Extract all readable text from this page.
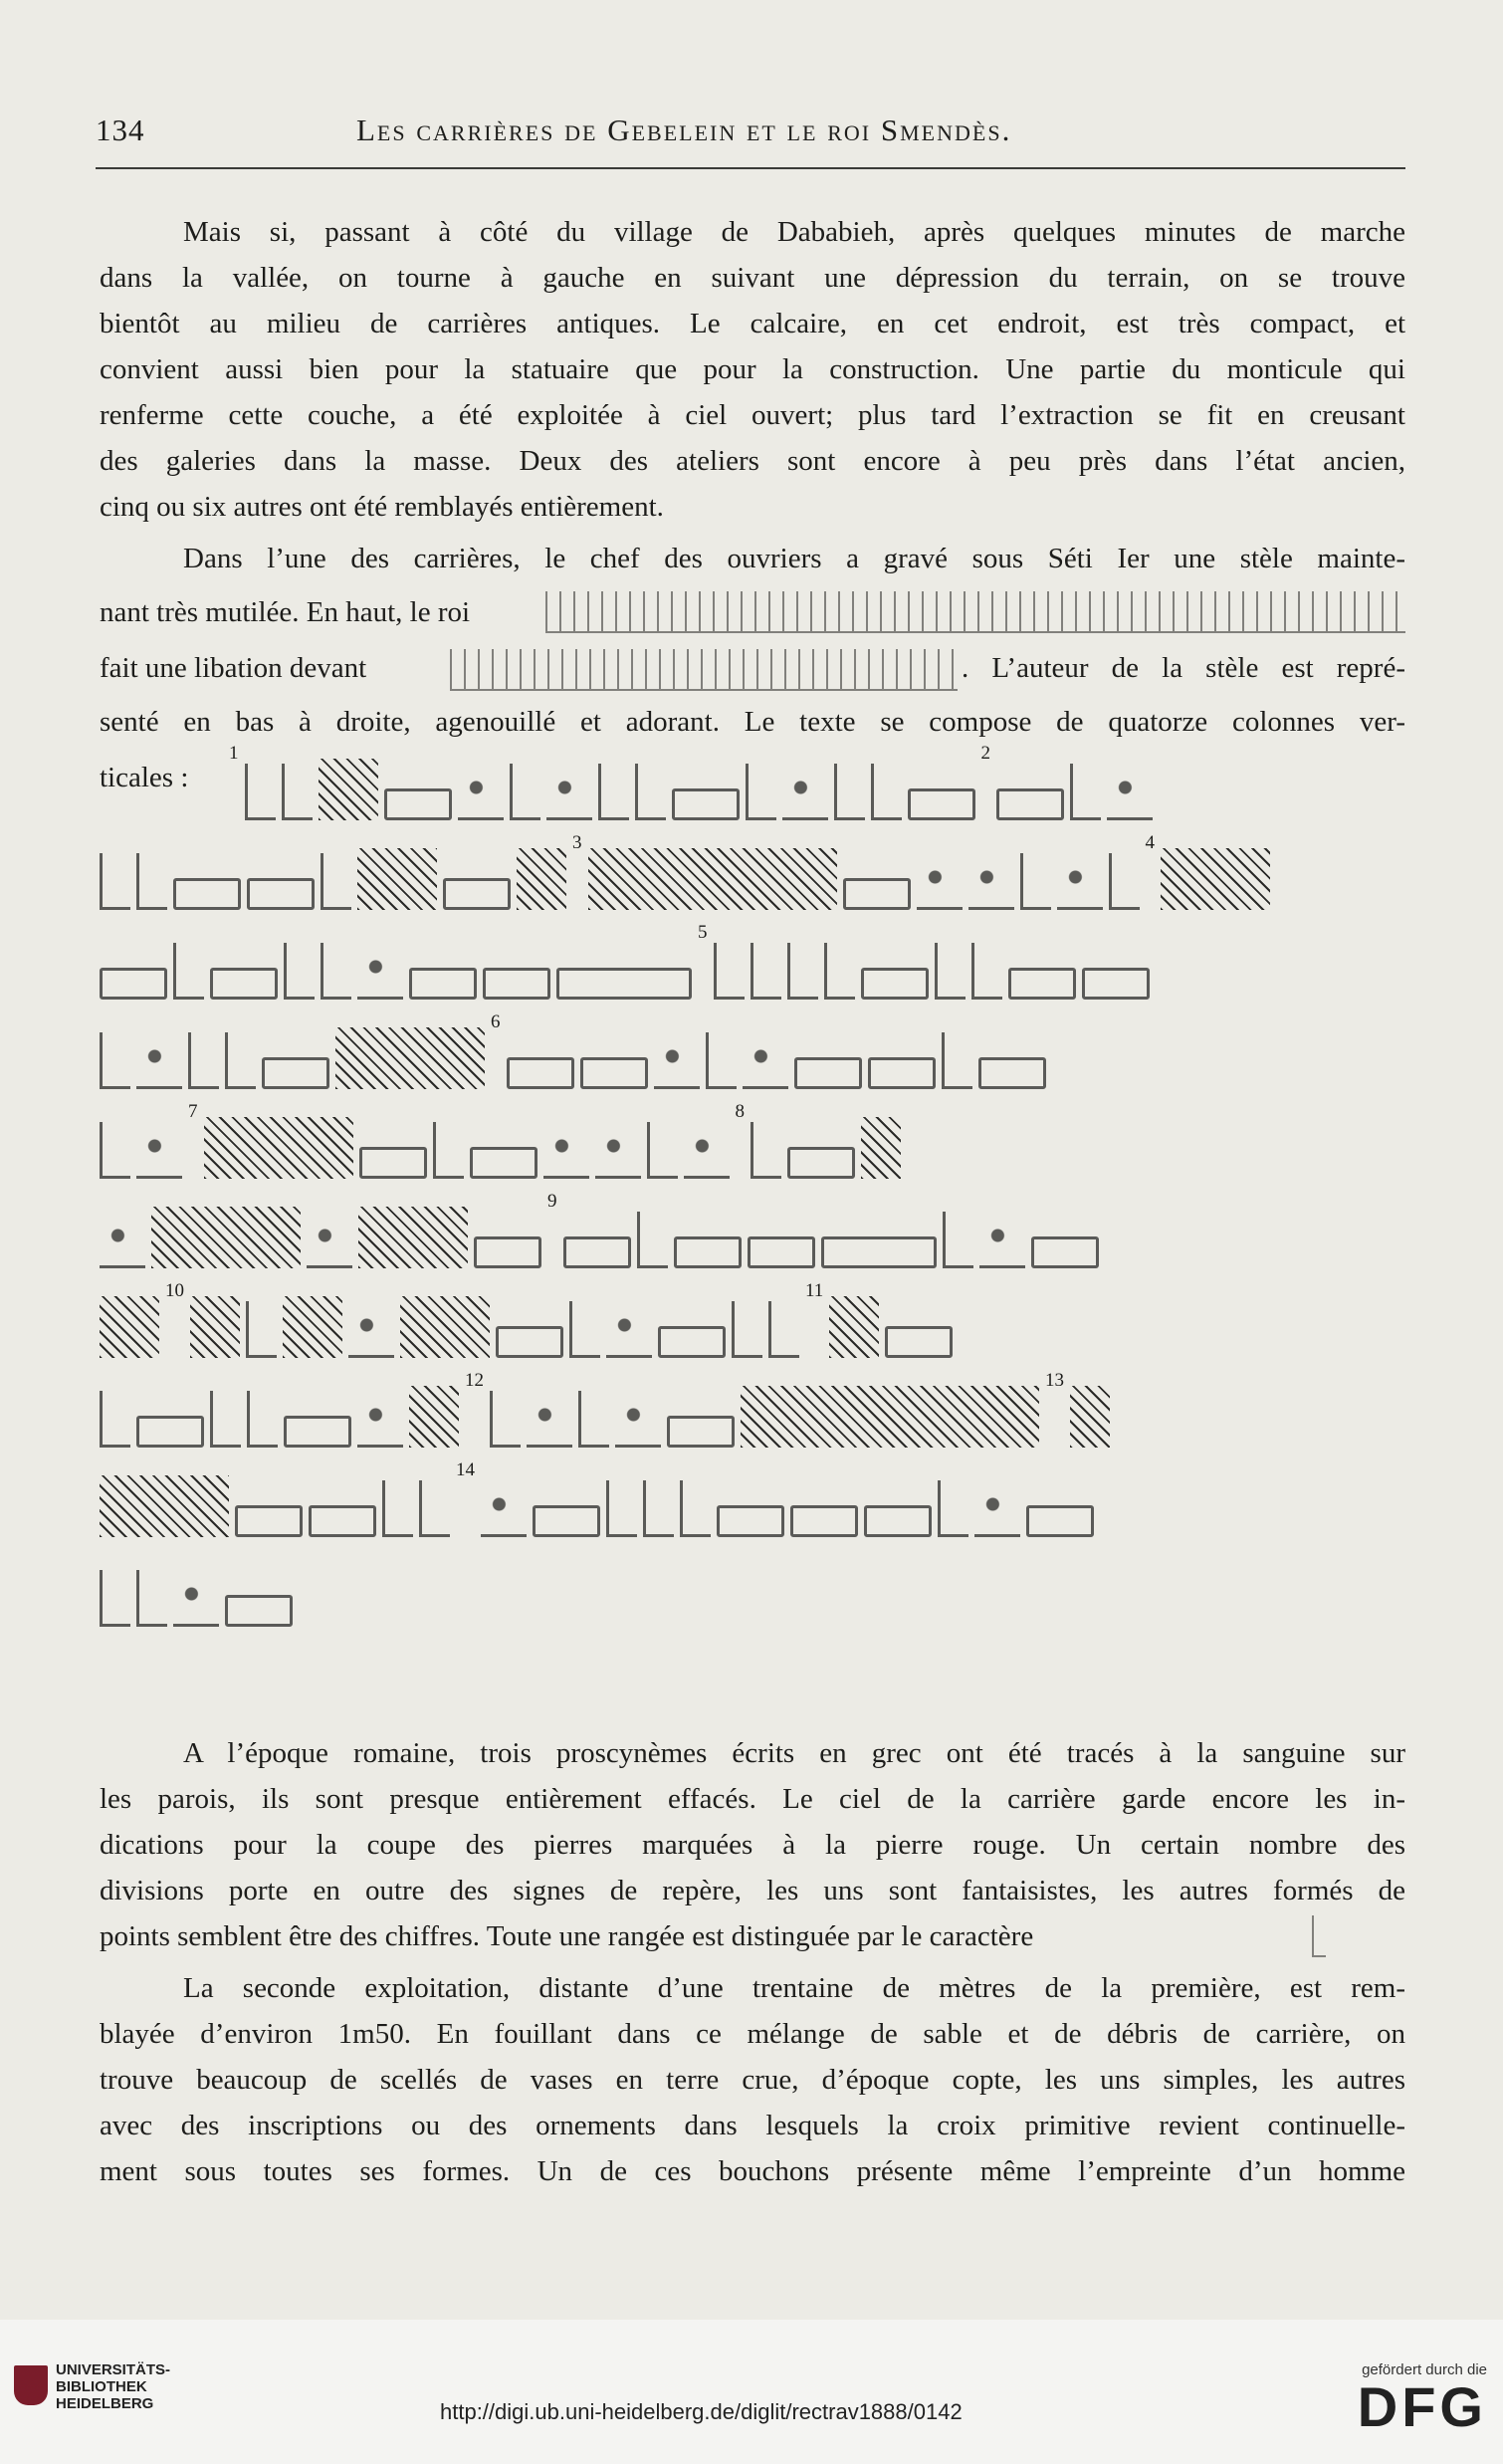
134	Les carrières de Gebelein et le roi Smendès.
Mais si, passant à côté du village de Dababieh, après quelques minutes de marche
dans la vallée, on tourne à gauche en suivant une dépression du terrain, on se trouve
bientôt au milieu de carrières antiques. Le calcaire, en cet endroit, est très compact, et
convient aussi bien pour la statuaire que pour la construction. Une partie du monticule qui
renferme cette couche, a été exploitée à ciel ouvert; plus tard l’extraction se fit en creusant
des galeries dans la masse. Deux des ateliers sont encore à peu près dans l’état ancien,
cinq ou six autres ont été remblayés entièrement.
Dans l’une des carrières, le chef des ouvriers a gravé sous Séti Ier une stèle mainte-
nant très mutilée. En haut, le roi
fait une libation devant	. L’auteur de la stèle est repré-
senté en bas à droite, agenouillé et adorant. Le texte se compose de quatorze colonnes ver-
ticales :
1	2
3	4
5
6
7	8
9
10	11
12	13
14
A l’époque romaine, trois proscynèmes écrits en grec ont été tracés à la sanguine sur
les parois, ils sont presque entièrement effacés. Le ciel de la carrière garde encore les in-
dications pour la coupe des pierres marquées à la pierre rouge. Un certain nombre des
divisions porte en outre des signes de repère, les uns sont fantaisistes, les autres formés de
points semblent être des chiffres. Toute une rangée est distinguée par le caractère
La seconde exploitation, distante d’une trentaine de mètres de la première, est rem-
blayée d’environ 1m50. En fouillant dans ce mélange de sable et de débris de carrière, on
trouve beaucoup de scellés de vases en terre crue, d’époque copte, les uns simples, les autres
avec des inscriptions ou des ornements dans lesquels la croix primitive revient continuelle-
ment sous toutes ses formes. Un de ces bouchons présente même l’empreinte d’un homme
UNIVERSITÄTS-
BIBLIOTHEK
HEIDELBERG	http://digi.ub.uni-heidelberg.de/diglit/rectrav1888/0142
gefördert durch die
DFG
